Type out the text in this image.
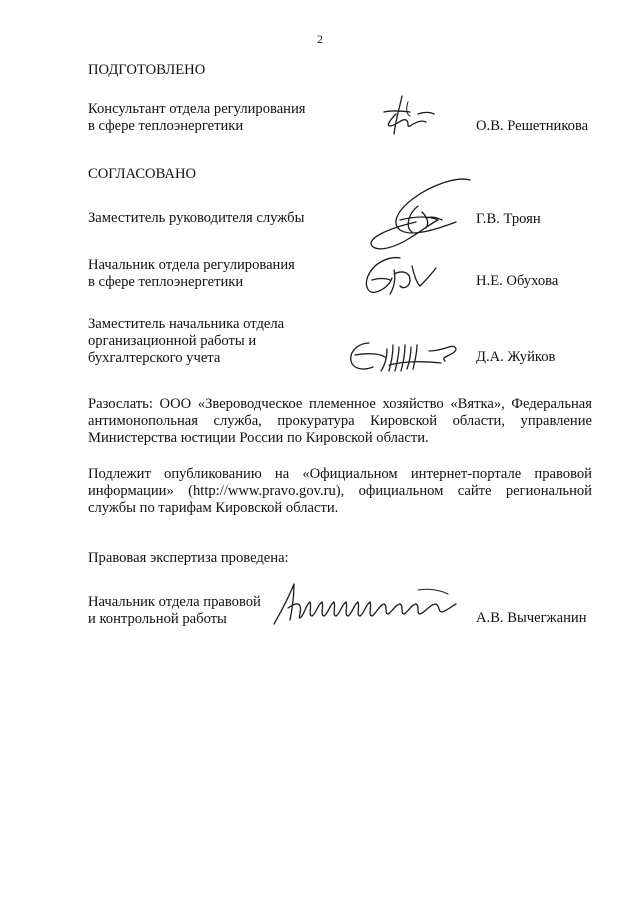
2
ПОДГОТОВЛЕНО
Консультант отдела регулирования
в сфере теплоэнергетики	О.В. Решетникова
СОГЛАСОВАНО
Заместитель руководителя службы	Г.В. Троян
Начальник отдела регулирования
в сфере теплоэнергетики	Н.Е. Обухова
Заместитель начальника отдела
организационной работы и
бухгалтерского учета	Д.А. Жуйков
Разослать: ООО «Звероводческое племенное хозяйство «Вятка», Федеральная антимонопольная служба, прокуратура Кировской области, управление Министерства юстиции России по Кировской области.
Подлежит опубликованию на «Официальном интернет-портале правовой информации» (http://www.pravo.gov.ru), официальном сайте региональной службы по тарифам Кировской области.
Правовая экспертиза проведена:
Начальник отдела правовой
и контрольной работы	А.В. Вычегжанин
